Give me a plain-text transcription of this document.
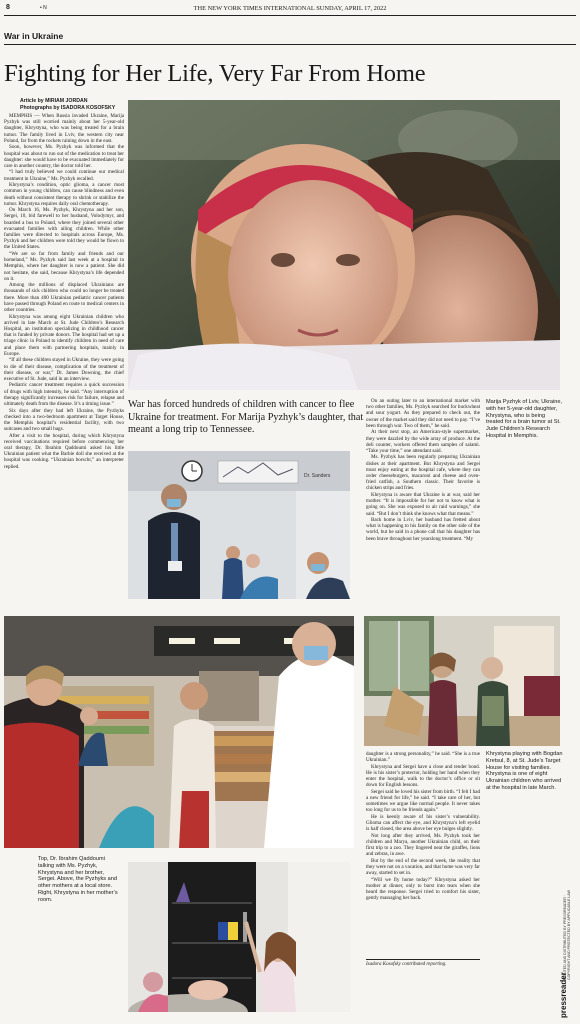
8	• N	THE NEW YORK TIMES INTERNATIONAL SUNDAY, APRIL 17, 2022
War in Ukraine
Fighting for Her Life, Very Far From Home
Article by MIRIAM JORDAN
Photographs by ISADORA KOSOFSKY

MEMPHIS — When Russia invaded Ukraine, Marija Pyzhyk was still worried mainly about her 5-year-old daughter, Khrystyna, who was being treated for a brain tumor. The family lived in Lviv, the western city near Poland, far from the rockets raining down in the east.

Soon, however, Ms. Pyzhyk was informed that the hospital was about to run out of the medication to treat her daughter: she would have to be evacuated immediately for care in another country, the doctor told her.

“I had truly believed we could continue our medical treatment in Ukraine,” Ms. Pyzhyk recalled.

Khrystyna’s condition, optic glioma, a cancer most common in young children, can cause blindness and even death without consistent therapy to shrink or stabilize the tumor. Khrystyna requires daily oral chemotherapy.

On March 16, Ms. Pyzhyk, Khrystyna and her son, Sergei, 10, bid farewell to her husband, Volodymyr, and boarded a bus to Poland, where they joined several other evacuated families with ailing children. While other families were directed to hospitals across Europe, Ms. Pyzhyk and her children were told they would be flown to the United States.

“We are so far from family and friends and our homeland,” Ms. Pyzhyk said last week at a hospital in Memphis, where her daughter is now a patient. She did not hesitate, she said, because Khrystyna’s life depended on it.

Among the millions of displaced Ukrainians are thousands of sick children who could no longer be treated there. More than 400 Ukrainian pediatric cancer patients have passed through Poland en route to medical centers in other countries.

Khrystyna was among eight Ukrainian children who arrived in late March at St. Jude Children’s Research Hospital, an institution specializing in childhood cancer that is funded by private donors. The hospital had set up a triage clinic in Poland to identify children in need of care and place them with partnering hospitals, mainly in Europe.

“If all these children stayed in Ukraine, they were going to die of their disease, complication of the treatment of their disease, or war,” Dr. James Downing, the chief executive of St. Jude, said in an interview.

Pediatric cancer treatment requires a quick succession of drugs with high intensity, he said. “Any interruption of therapy significantly increases risk for failure, relapse and ultimately death from the disease. It’s a timing issue.”

Six days after they had left Ukraine, the Pyzhyks checked into a two-bedroom apartment at Target House, the Memphis hospital’s residential facility, with two suitcases and two small bags.

After a visit to the hospital, during which Khrystyna received vaccinations required before commencing her oral therapy, Dr. Ibrahim Qaddoumi asked his little Ukrainian patient what the Barbie doll she received at the hospital was cooking. “Ukrainian borscht,” an interpreter replied.

War has forced hundreds of children with cancer to flee Ukraine for treatment. For Marija Pyzhyk’s daughter, that meant a long trip to Tennessee.

On an outing later to an international market with two other families, Ms. Pyzhyk searched for buckwheat and sour yogurt. As they prepared to check out, the owner of the market said they did not need to pay. “I’ve been through war. Two of them,” he said.

At their next stop, an American-style supermarket, they were dazzled by the wide array of produce. At the deli counter, workers offered them samples of salami. “Take your time,” one attendant said.

Ms. Pyzhyk has been regularly preparing Ukrainian dishes at their apartment. But Khrystyna and Sergei must enjoy eating at the hospital cafe, where they can order cheeseburgers, macaroni and cheese and oven-fried catfish, a Southern classic. Their favorite is chicken strips and fries.

Khrystyna is aware that Ukraine is at war, said her mother. “It is impossible for her not to know what is going on. She was exposed to air raid warnings,” she said. “But I don’t think she knows what that means.”

Back home in Lviv, her husband has fretted about what is happening to his family on the other side of the world, but he said in a phone call that his daughter has been brave throughout her yearslong treatment. “My

Marija Pyzhyk of Lviv, Ukraine, with her 5-year-old daughter, Khrystyna, who is being treated for a brain tumor at St. Jude Children’s Research Hospital in Memphis.
Dr. Sanders
Top, Dr. Ibrahim Qaddoumi talking with Ms. Pyzhyk, Khrystyna and her brother, Sergei. Above, the Pyzhyks and other mothers at a local store. Right, Khrystyna in her mother’s room.

daughter is a strong personality,” he said. “She is a true Ukrainian.”

Khrystyna and Sergei have a close and tender bond. He is his sister’s protector, holding her hand when they enter the hospital, walk to the doctor’s office or sit down for English lessons.

Sergei said he loved his sister from birth. “I felt I had a new friend for life,” he said. “I take care of her, but sometimes we argue like normal people. It never takes too long for us to be friends again.”

He is keenly aware of his sister’s vulnerability. Glioma can affect the eye, and Khrystyna’s left eyelid is half closed, the area above her eye bulges slightly.

Not long after they arrived, Ms. Pyzhyk took her children and Marya, another Ukrainian child, on their first trip to a zoo. They lingered near the giraffes, lions and zebras, in awe.

But by the end of the second week, the reality that they were not on a vacation, and that home was very far away, started to set in.

“Will we fly home today?” Khrystyna asked her mother at dinner, only to burst into tears when she heard the response. Sergei tried to comfort his sister, gently massaging her back.

Isadora Kosofsky contributed reporting.
Khrystyna playing with Bogdan Kretsul, 8, at St. Jude’s Target House for visiting families. Khrystyna is one of eight Ukrainian children who arrived at the hospital in late March.
PRINTED AND DISTRIBUTED BY PRESSREADER · COPYRIGHT AND PROTECTED BY APPLICABLE LAW
pressreader
